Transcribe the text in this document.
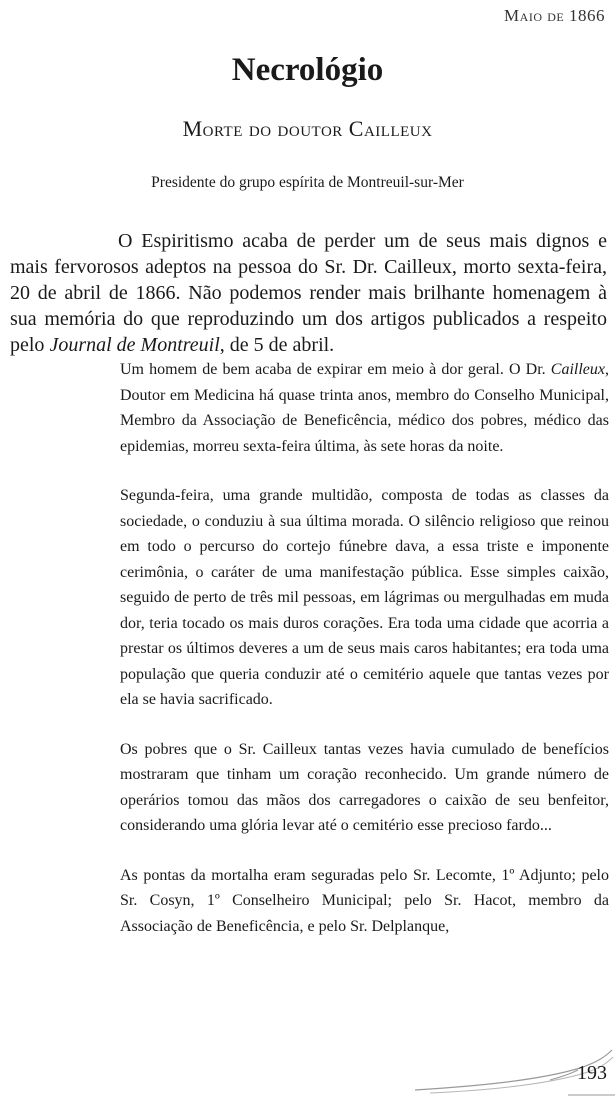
Maio de 1866
Necrológio
Morte do doutor Cailleux
Presidente do grupo espírita de Montreuil-sur-Mer

O Espiritismo acaba de perder um de seus mais dignos e mais fervorosos adeptos na pessoa do Sr. Dr. Cailleux, morto sexta-feira, 20 de abril de 1866. Não podemos render mais brilhante homenagem à sua memória do que reproduzindo um dos artigos publicados a respeito pelo Journal de Montreuil, de 5 de abril.

Um homem de bem acaba de expirar em meio à dor geral. O Dr. Cailleux, Doutor em Medicina há quase trinta anos, membro do Conselho Municipal, Membro da Associação de Beneficência, médico dos pobres, médico das epidemias, morreu sexta-feira última, às sete horas da noite.

Segunda-feira, uma grande multidão, composta de todas as classes da sociedade, o conduziu à sua última morada. O silêncio religioso que reinou em todo o percurso do cortejo fúnebre dava, a essa triste e imponente cerimônia, o caráter de uma manifestação pública. Esse simples caixão, seguido de perto de três mil pessoas, em lágrimas ou mergulhadas em muda dor, teria tocado os mais duros corações. Era toda uma cidade que acorria a prestar os últimos deveres a um de seus mais caros habitantes; era toda uma população que queria conduzir até o cemitério aquele que tantas vezes por ela se havia sacrificado.

Os pobres que o Sr. Cailleux tantas vezes havia cumulado de benefícios mostraram que tinham um coração reconhecido. Um grande número de operários tomou das mãos dos carregadores o caixão de seu benfeitor, considerando uma glória levar até o cemitério esse precioso fardo...

As pontas da mortalha eram seguradas pelo Sr. Lecomte, 1º Adjunto; pelo Sr. Cosyn, 1º Conselheiro Municipal; pelo Sr. Hacot, membro da Associação de Beneficência, e pelo Sr. Delplanque,

193
